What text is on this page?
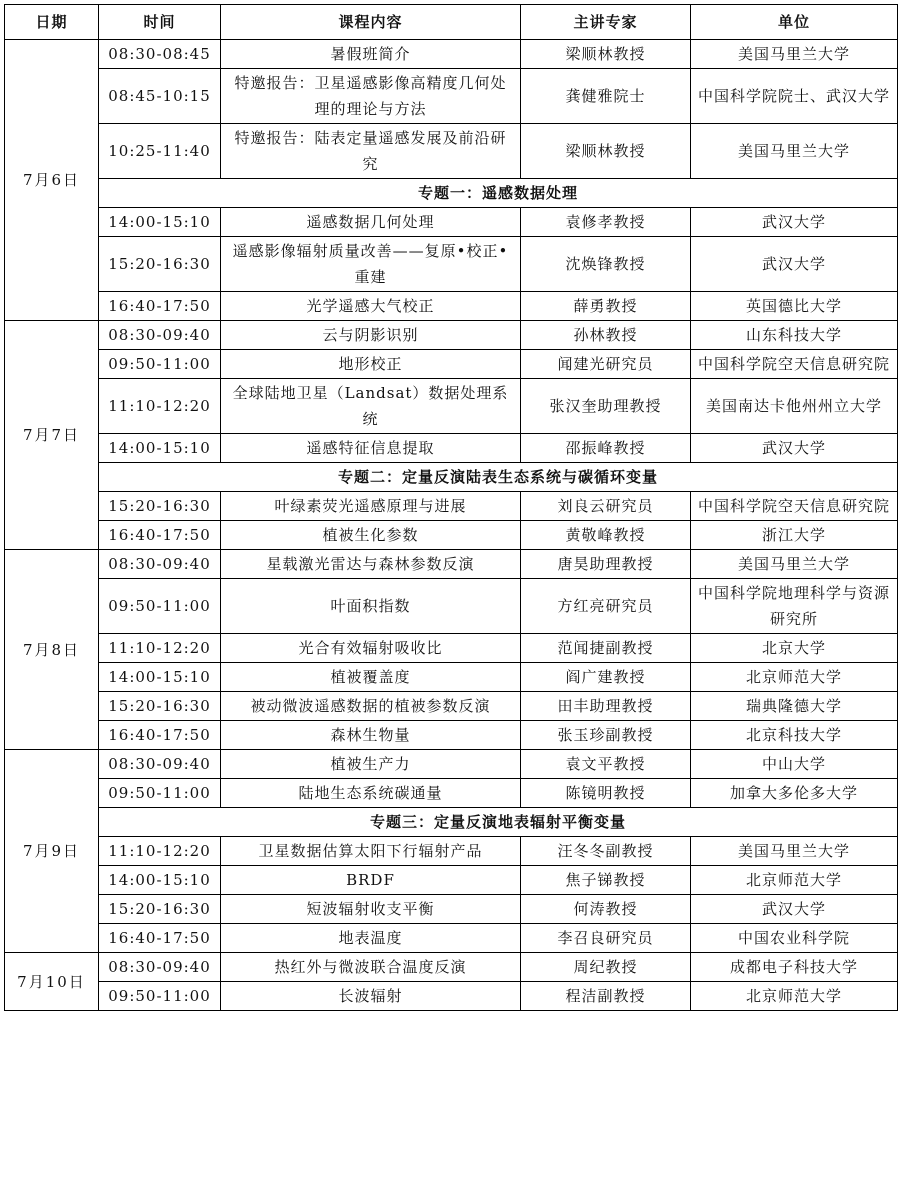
日期	时间	课程内容	主讲专家	单位
7月6日	08:30-08:45	暑假班简介	梁顺林教授	美国马里兰大学
	08:45-10:15	特邀报告：卫星遥感影像高精度几何处理的理论与方法	龚健雅院士	中国科学院院士、武汉大学
	10:25-11:40	特邀报告：陆表定量遥感发展及前沿研究	梁顺林教授	美国马里兰大学
	专题一：遥感数据处理			
	14:00-15:10	遥感数据几何处理	袁修孝教授	武汉大学
	15:20-16:30	遥感影像辐射质量改善——复原•校正•重建	沈焕锋教授	武汉大学
	16:40-17:50	光学遥感大气校正	薛勇教授	英国德比大学
7月7日	08:30-09:40	云与阴影识别	孙林教授	山东科技大学
	09:50-11:00	地形校正	闻建光研究员	中国科学院空天信息研究院
	11:10-12:20	全球陆地卫星（Landsat）数据处理系统	张汉奎助理教授	美国南达卡他州州立大学
	14:00-15:10	遥感特征信息提取	邵振峰教授	武汉大学
	专题二：定量反演陆表生态系统与碳循环变量			
	15:20-16:30	叶绿素荧光遥感原理与进展	刘良云研究员	中国科学院空天信息研究院
	16:40-17:50	植被生化参数	黄敬峰教授	浙江大学
7月8日	08:30-09:40	星载激光雷达与森林参数反演	唐昊助理教授	美国马里兰大学
	09:50-11:00	叶面积指数	方红亮研究员	中国科学院地理科学与资源研究所
	11:10-12:20	光合有效辐射吸收比	范闻捷副教授	北京大学
	14:00-15:10	植被覆盖度	阎广建教授	北京师范大学
	15:20-16:30	被动微波遥感数据的植被参数反演	田丰助理教授	瑞典隆德大学
	16:40-17:50	森林生物量	张玉珍副教授	北京科技大学
7月9日	08:30-09:40	植被生产力	袁文平教授	中山大学
	09:50-11:00	陆地生态系统碳通量	陈镜明教授	加拿大多伦多大学
	专题三：定量反演地表辐射平衡变量			
	11:10-12:20	卫星数据估算太阳下行辐射产品	汪冬冬副教授	美国马里兰大学
	14:00-15:10	BRDF	焦子锑教授	北京师范大学
	15:20-16:30	短波辐射收支平衡	何涛教授	武汉大学
	16:40-17:50	地表温度	李召良研究员	中国农业科学院
7月10日	08:30-09:40	热红外与微波联合温度反演	周纪教授	成都电子科技大学
	09:50-11:00	长波辐射	程洁副教授	北京师范大学
